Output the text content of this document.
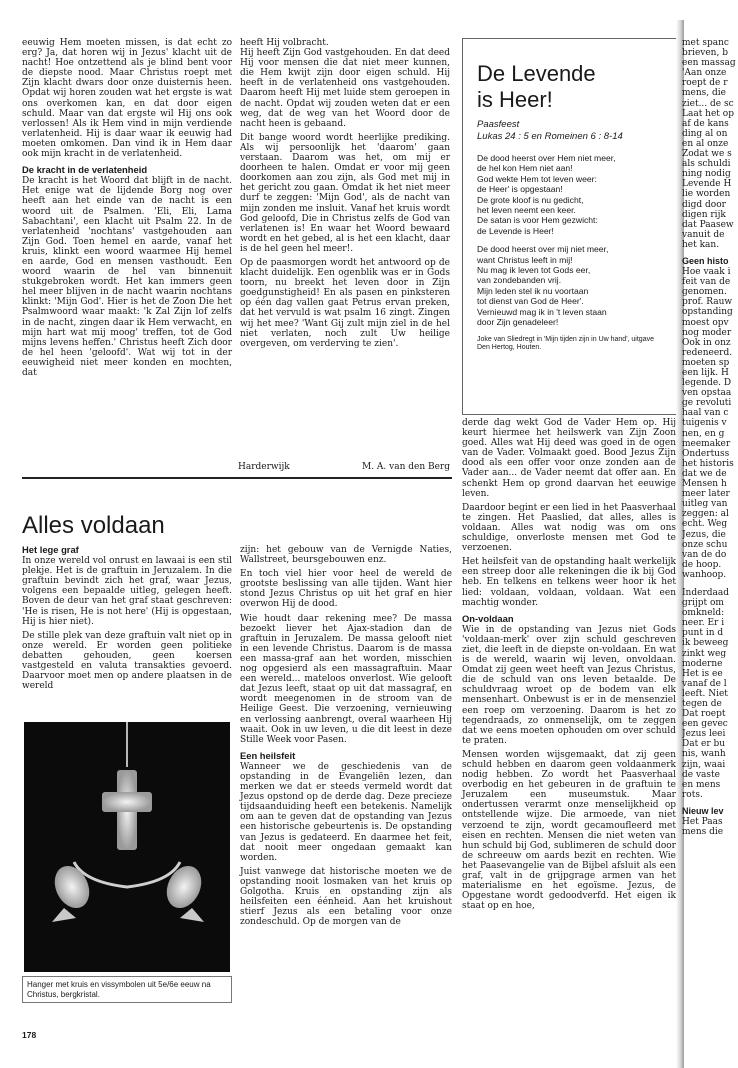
eeuwig Hem moeten missen, is dat echt zo erg? Ja, dat horen wij in Jezus' klacht uit de nacht! Hoe ontzettend als je blind bent voor de diepste nood. Maar Christus roept met Zijn klacht dwars door onze duisternis heen. Opdat wij horen zouden wat het ergste is wat ons overkomen kan, en dat door eigen schuld. Maar van dat ergste wil Hij ons ook verlossen! Als ik Hem vind in mijn verdiende verlatenheid. Hij is daar waar ik eeuwig had moeten omkomen. Dan vind ik in Hem daar ook mijn kracht in de verlatenheid.

De kracht in de verlatenheid

De kracht is het Woord dat blijft in de nacht. Het enige wat de lijdende Borg nog over heeft aan het einde van de nacht is een woord uit de Psalmen. 'Eli, Eli, Lama Sabachtani', een klacht uit Psalm 22. In de verlatenheid 'nochtans' vastgehouden aan Zijn God. Toen hemel en aarde, vanaf het kruis, klinkt een woord waarmee Hij hemel en aarde, God en mensen vasthoudt. Een woord waarin de hel van binnenuit stukgebroken wordt. Het kan immers geen hel meer blijven in de nacht waarin nochtans klinkt: 'Mijn God'. Hier is het de Zoon Die het Psalmwoord waar maakt: 'k Zal Zijn lof zelfs in de nacht, zingen daar ik Hem verwacht, en mijn hart wat mij moog' treffen, tot de God mijns levens heffen.' Christus heeft Zich door de hel heen 'geloofd'. Wat wij tot in der eeuwigheid niet meer konden en mochten, dat

heeft Hij volbracht.

Hij heeft Zijn God vastgehouden. En dat deed Hij voor mensen die dat niet meer kunnen, die Hem kwijt zijn door eigen schuld. Hij heeft in de verlatenheid ons vastgehouden. Daarom heeft Hij met luide stem geroepen in de nacht. Opdat wij zouden weten dat er een weg, dat de weg van het Woord door de nacht heen is gebaand.

Dit bange woord wordt heerlijke prediking. Als wij persoonlijk het 'daarom' gaan verstaan. Daarom was het, om mij er doorheen te halen. Omdat er voor mij geen doorkomen aan zou zijn, als God met mij in het gericht zou gaan. Omdat ik het niet meer durf te zeggen: 'Mijn God', als de nacht van mijn zonden me insluit. Vanaf het kruis wordt God geloofd, Die in Christus zelfs de God van verlatenen is! En waar het Woord bewaard wordt en het gebed, al is het een klacht, daar is de hel geen hel meer!.

Op de paasmorgen wordt het antwoord op de klacht duidelijk. Een ogenblik was er in Gods toorn, nu breekt het leven door in Zijn goedgunstigheid! En als pasen en pinksteren op één dag vallen gaat Petrus ervan preken, dat het vervuld is wat psalm 16 zingt. Zingen wij het mee? 'Want Gij zult mijn ziel in de hel niet verlaten, noch zult Uw heilige overgeven, om verderving te zien'.

Harderwijk	M. A. van den Berg
De Levende
is Heer!
Paasfeest
Lukas 24 : 5 en Romeinen 6 : 8-14
De dood heerst over Hem niet meer,
de hel kon Hem niet aan!
God wekte Hem tot leven weer:
de Heer' is opgestaan!
De grote kloof is nu gedicht,
het leven neemt een keer.
De satan is voor Hem gezwicht:
de Levende is Heer!
De dood heerst over mij niet meer,
want Christus leeft in mij!
Nu mag ik leven tot Gods eer,
van zondebanden vrij.
Mijn leden stel ik nu voortaan
tot dienst van God de Heer'.
Vernieuwd mag ik in 't leven staan
door Zijn genadeleer!
Joke van Sliedregt in 'Mijn tijden zijn in Uw hand', uitgave Den Hertog, Houten.

derde dag wekt God de Vader Hem op. Hij keurt hiermee het heilswerk van Zijn Zoon goed. Alles wat Hij deed was goed in de ogen van de Vader. Volmaakt goed. Bood Jezus Zijn dood als een offer voor onze zonden aan de Vader aan... de Vader neemt dat offer aan. En schenkt Hem op grond daarvan het eeuwige leven.

Daardoor begint er een lied in het Paasverhaal te zingen. Het Paaslied, dat alles, alles is voldaan. Alles wat nodig was om ons schuldige, onverloste mensen met God te verzoenen.

Het heilsfeit van de opstanding haalt werkelijk een streep door alle rekeningen die ik bij God heb. En telkens en telkens weer hoor ik het lied: voldaan, voldaan, voldaan. Wat een machtig wonder.

On-voldaan

Wie in de opstanding van Jezus niet Gods 'voldaan-merk' over zijn schuld geschreven ziet, die leeft in de diepste on-voldaan. En wat is de wereld, waarin wij leven, onvoldaan. Omdat zij geen weet heeft van Jezus Christus, die de schuld van ons leven betaalde. De schuldvraag wroet op de bodem van elk mensenhart. Onbewust is er in de mensenziel een roep om verzoening. Daarom is het zo tegendraads, zo onmenselijk, om te zeggen dat we eens moeten ophouden om over schuld te praten.

Mensen worden wijsgemaakt, dat zij geen schuld hebben en daarom geen voldaanmerk nodig hebben. Zo wordt het Paasverhaal overbodig en het gebeuren in de graftuin te Jeruzalem een museumstuk. Maar ondertussen verarmt onze menselijkheid op ontstellende wijze. Die armoede, van niet verzoend te zijn, wordt gecamoufleerd met eisen en rechten. Mensen die niet weten van hun schuld bij God, sublimeren de schuld door de schreeuw om aards bezit en rechten. Wie het Paasevangelie van de Bijbel afsluit als een graf, valt in de grijpgrage armen van het materialisme en het egoïsme. Jezus, de Opgestane wordt gedoodverfd. Het eigen ik staat op en hoe,

Alles voldaan
Het lege graf

In onze wereld vol onrust en lawaai is een stil plekje. Het is de graftuin in Jeruzalem. In die graftuin bevindt zich het graf, waar Jezus, volgens een bepaalde uitleg, gelegen heeft. Boven de deur van het graf staat geschreven: 'He is risen, He is not here' (Hij is opgestaan, Hij is hier niet).

De stille plek van deze graftuin valt niet op in onze wereld. Er worden geen politieke debatten gehouden, geen koersen vastgesteld en valuta transakties gevoerd. Daarvoor moet men op andere plaatsen in de wereld

Hanger met kruis en vissymbolen uit 5e/6e eeuw na Christus, bergkristal.

zijn: het gebouw van de Vernigde Naties, Wallstreet, beursgebouwen enz.

En toch viel hier voor heel de wereld de grootste beslissing van alle tijden. Want hier stond Jezus Christus op uit het graf en hier overwon Hij de dood.

Wie houdt daar rekening mee? De massa bezoekt liever het Ajax-stadion dan de graftuin in Jeruzalem. De massa gelooft niet in een levende Christus. Daarom is de massa een massa-graf aan het worden, misschien nog opgesierd als een massagraftuin. Maar een wereld... mateloos onverlost. Wie gelooft dat Jezus leeft, staat op uit dat massagraf, en wordt meegenomen in de stroom van de Heilige Geest. Die verzoening, vernieuwing en verlossing aanbrengt, overal waarheen Hij waait. Ook in uw leven, u die dit leest in deze Stille Week voor Pasen.

Een heilsfeit

Wanneer we de geschiedenis van de opstanding in de Evangeliën lezen, dan merken we dat er steeds vermeld wordt dat Jezus opstond op de derde dag. Deze precieze tijdsaanduiding heeft een betekenis. Namelijk om aan te geven dat de opstanding van Jezus een historische gebeurtenis is. De opstanding van Jezus is gedateerd. En daarmee het feit, dat nooit meer ongedaan gemaakt kan worden.

Juist vanwege dat historische moeten we de opstanding nooit losmaken van het kruis op Golgotha. Kruis en opstanding zijn als heilsfeiten een éénheid. Aan het kruishout stierf Jezus als een betaling voor onze zondeschuld. Op de morgen van de

178

met spanc

brieven, b

een massag

'Aan onze

roept de r

mens, die

ziet... de sc

Laat het op

af de kans

ding al on

en al onze

Zodat we s

als schuldi

ning nodig

Levende H

lie worden

digd door

digen rijk

dat Paasew

vanuit de

het kan.

Geen histo

Hoe vaak i

feit van de

genomen.

prof. Rauw

opstanding

moest opv

nog moder

Ook in onz

redeneerd.

moeten sp

een lijk. H

legende. D

ven opstaa

ge revoluti

haal van c

tuigenis v

nen, en g

meemaker

Ondertuss

het historis

dat we de

Mensen h

meer later

uitleg van

zeggen: al

echt. Weg

Jezus, die

onze schu

van de do

de hoop.

wanhoop.

Inderdaad

grijpt om

omkneld:

neer. Er i

punt in d

ik beweeg

zinkt weg

moderne

Het is ee

vanaf de l

leeft. Niet

tegen de

Dat roept

een gevec

Jezus leei

Dat er bu

nis, wanh

zijn, waai

de vaste

en mens

rots.

Nieuw lev

Het Paas

mens die
